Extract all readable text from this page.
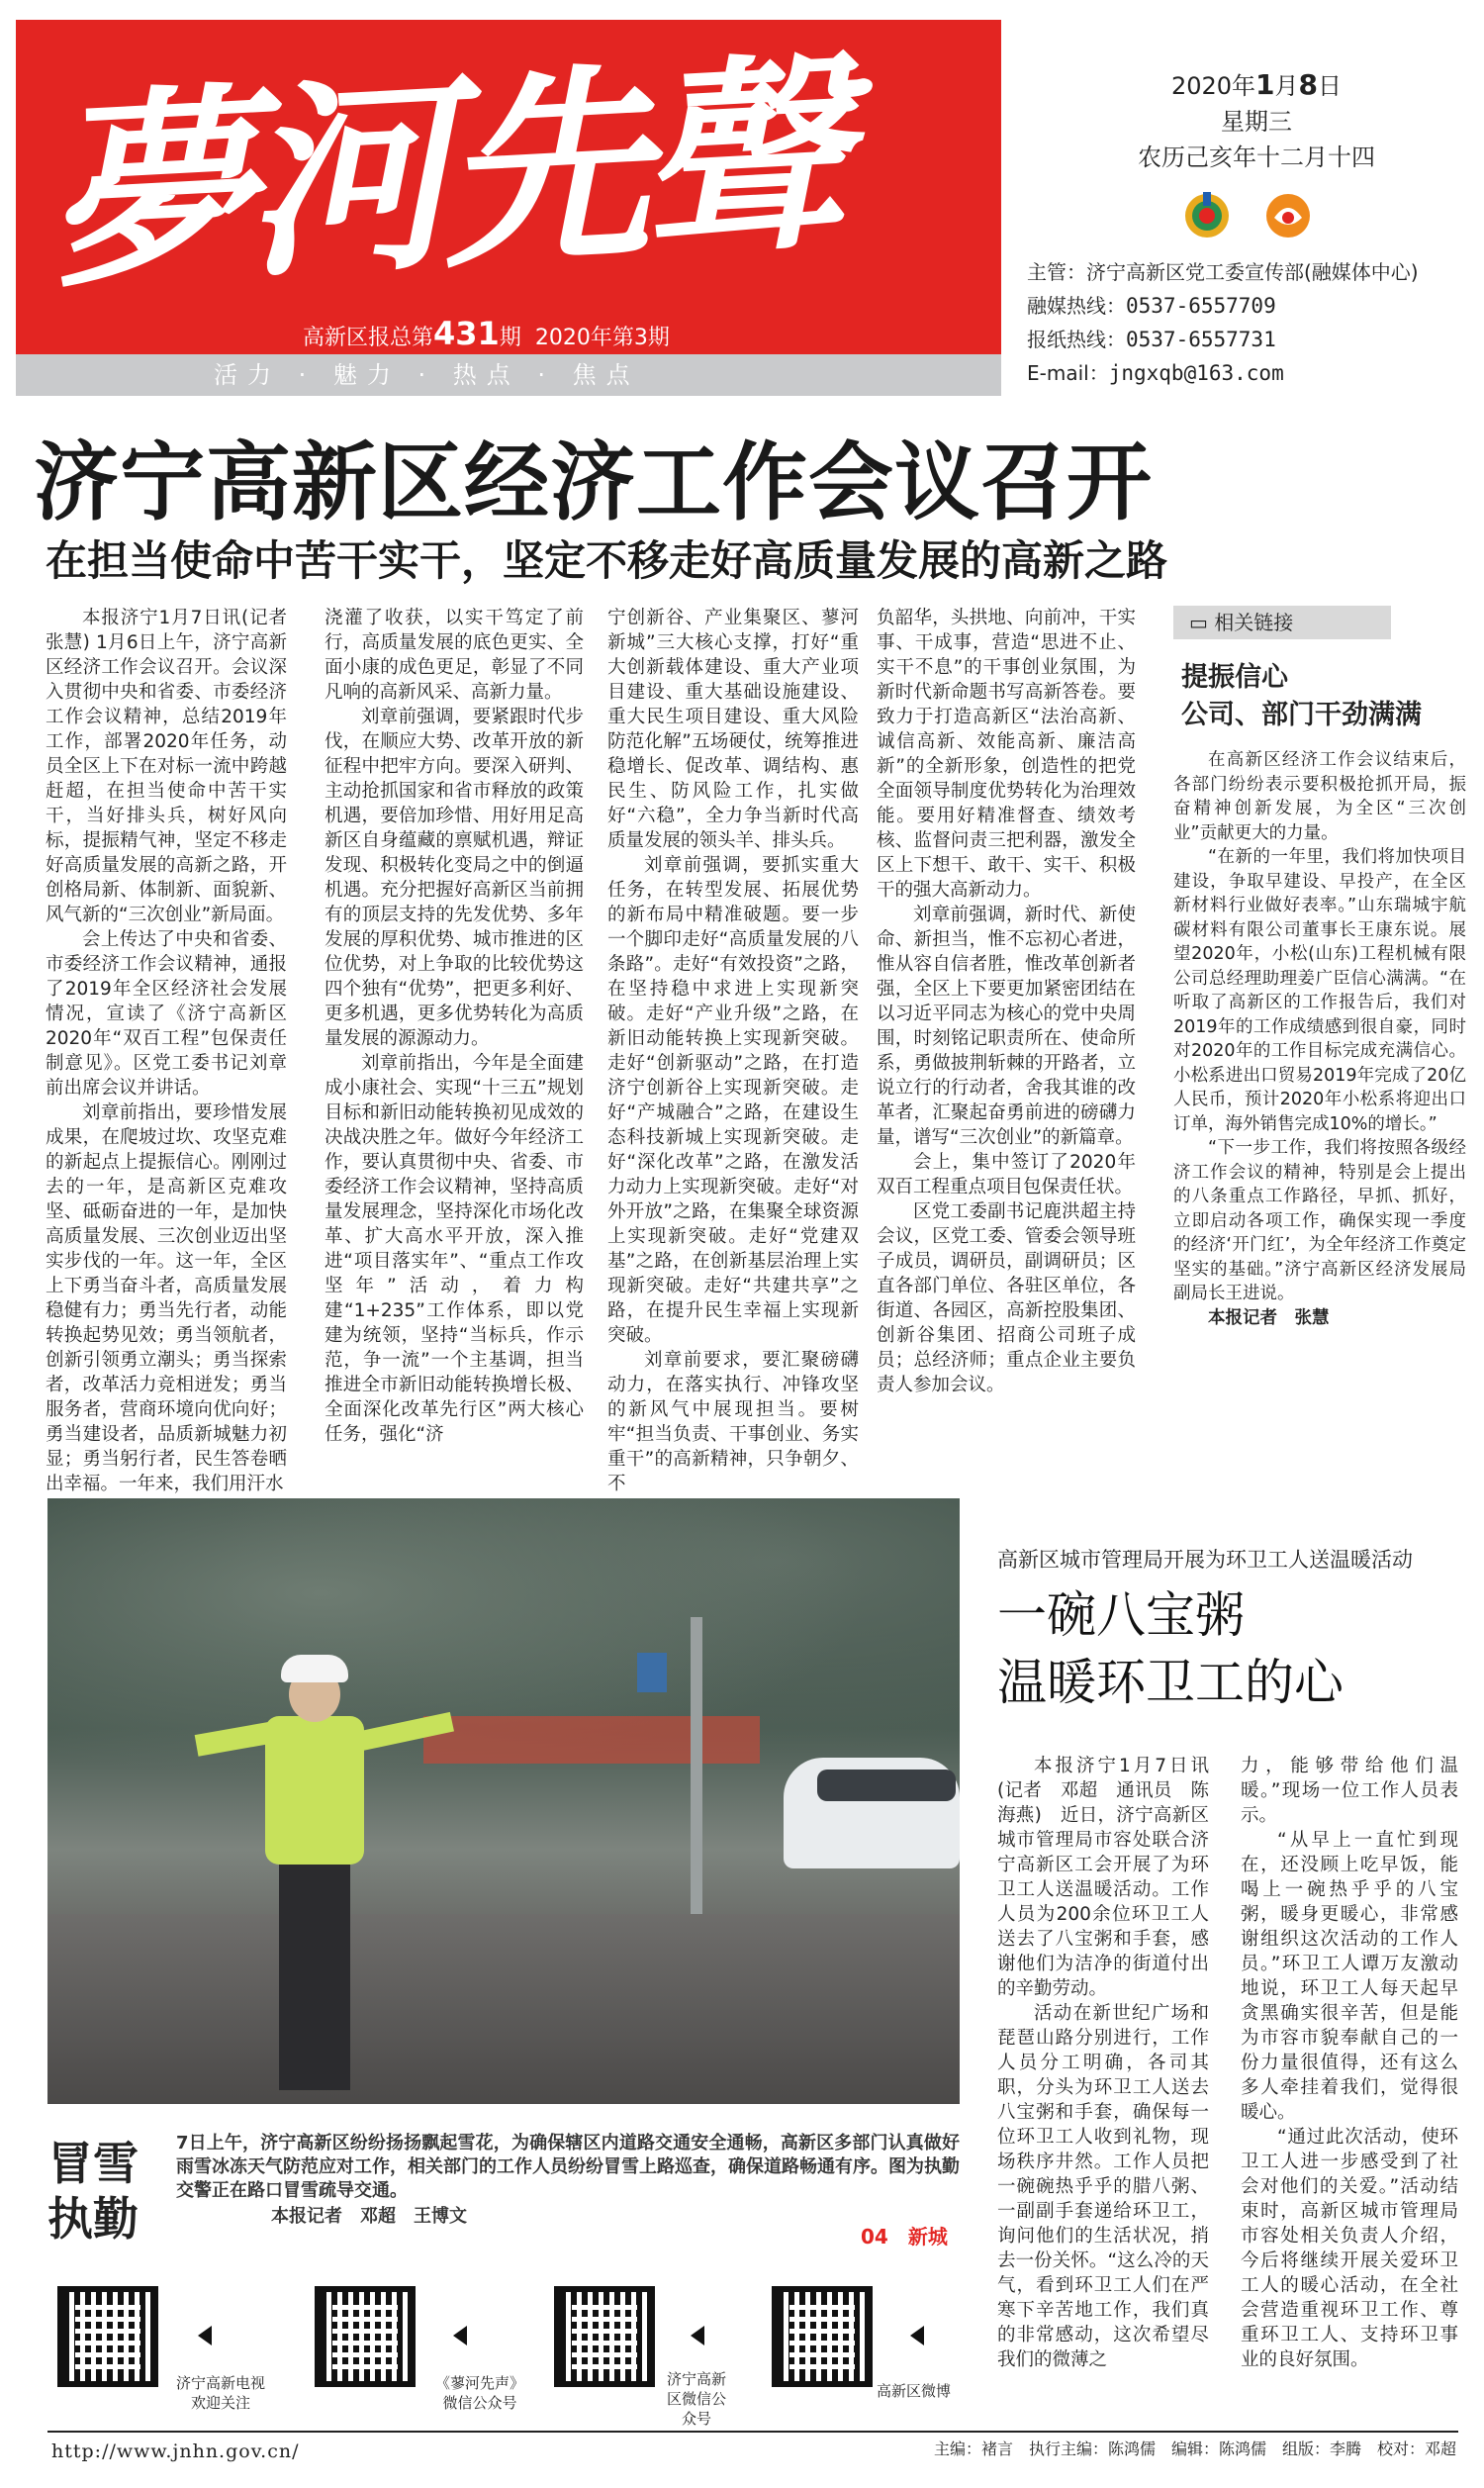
夢河先聲
高新区报总第431期 2020年第3期
活力 · 魅力 · 热点 · 焦点
2020年1月8日
星期三
农历己亥年十二月十四
主管：济宁高新区党工委宣传部(融媒体中心)
融媒热线：0537-6557709
报纸热线：0537-6557731
E-mail：jngxqb@163.com
济宁高新区经济工作会议召开
在担当使命中苦干实干，坚定不移走好高质量发展的高新之路

本报济宁1月7日讯(记者 张慧) 1月6日上午，济宁高新区经济工作会议召开。会议深入贯彻中央和省委、市委经济工作会议精神，总结2019年工作，部署2020年任务，动员全区上下在对标一流中跨越赶超，在担当使命中苦干实干，当好排头兵，树好风向标，提振精气神，坚定不移走好高质量发展的高新之路，开创格局新、体制新、面貌新、风气新的“三次创业”新局面。

会上传达了中央和省委、市委经济工作会议精神，通报了2019年全区经济社会发展情况，宣读了《济宁高新区2020年“双百工程”包保责任制意见》。区党工委书记刘章前出席会议并讲话。

刘章前指出，要珍惜发展成果，在爬坡过坎、攻坚克难的新起点上提振信心。刚刚过去的一年，是高新区克难攻坚、砥砺奋进的一年，是加快高质量发展、三次创业迈出坚实步伐的一年。这一年，全区上下勇当奋斗者，高质量发展稳健有力；勇当先行者，动能转换起势见效；勇当领航者，创新引领勇立潮头；勇当探索者，改革活力竞相迸发；勇当服务者，营商环境向优向好；勇当建设者，品质新城魅力初显；勇当躬行者，民生答卷晒出幸福。一年来，我们用汗水

浇灌了收获，以实干笃定了前行，高质量发展的底色更实、全面小康的成色更足，彰显了不同凡响的高新风采、高新力量。

刘章前强调，要紧跟时代步伐，在顺应大势、改革开放的新征程中把牢方向。要深入研判、主动抢抓国家和省市释放的政策机遇，要倍加珍惜、用好用足高新区自身蕴藏的禀赋机遇，辩证发现、积极转化变局之中的倒逼机遇。充分把握好高新区当前拥有的顶层支持的先发优势、多年发展的厚积优势、城市推进的区位优势，对上争取的比较优势这四个独有“优势”，把更多利好、更多机遇，更多优势转化为高质量发展的源源动力。

刘章前指出，今年是全面建成小康社会、实现“十三五”规划目标和新旧动能转换初见成效的决战决胜之年。做好今年经济工作，要认真贯彻中央、省委、市委经济工作会议精神，坚持高质量发展理念，坚持深化市场化改革、扩大高水平开放，深入推进“项目落实年”、“重点工作攻坚年”活动，着力构建“1+235”工作体系，即以党建为统领，坚持“当标兵，作示范，争一流”一个主基调，担当推进全市新旧动能转换增长极、全面深化改革先行区”两大核心任务，强化“济

宁创新谷、产业集聚区、蓼河新城”三大核心支撑，打好“重大创新载体建设、重大产业项目建设、重大基础设施建设、重大民生项目建设、重大风险防范化解”五场硬仗，统筹推进稳增长、促改革、调结构、惠民生、防风险工作，扎实做好“六稳”，全力争当新时代高质量发展的领头羊、排头兵。

刘章前强调，要抓实重大任务，在转型发展、拓展优势的新布局中精准破题。要一步一个脚印走好“高质量发展的八条路”。走好“有效投资”之路，在坚持稳中求进上实现新突破。走好“产业升级”之路，在新旧动能转换上实现新突破。走好“创新驱动”之路，在打造济宁创新谷上实现新突破。走好“产城融合”之路，在建设生态科技新城上实现新突破。走好“深化改革”之路，在激发活力动力上实现新突破。走好“对外开放”之路，在集聚全球资源上实现新突破。走好“党建双基”之路，在创新基层治理上实现新突破。走好“共建共享”之路，在提升民生幸福上实现新突破。

刘章前要求，要汇聚磅礴动力，在落实执行、冲锋攻坚的新风气中展现担当。要树牢“担当负责、干事创业、务实重干”的高新精神，只争朝夕、不

负韶华，头拱地、向前冲，干实事、干成事，营造“思进不止、实干不息”的干事创业氛围，为新时代新命题书写高新答卷。要致力于打造高新区“法治高新、诚信高新、效能高新、廉洁高新”的全新形象，创造性的把党全面领导制度优势转化为治理效能。要用好精准督查、绩效考核、监督问责三把利器，激发全区上下想干、敢干、实干、积极干的强大高新动力。

刘章前强调，新时代、新使命、新担当，惟不忘初心者进，惟从容自信者胜，惟改革创新者强，全区上下要更加紧密团结在以习近平同志为核心的党中央周围，时刻铭记职责所在、使命所系，勇做披荆斩棘的开路者，立说立行的行动者，舍我其谁的改革者，汇聚起奋勇前进的磅礴力量，谱写“三次创业”的新篇章。

会上，集中签订了2020年双百工程重点项目包保责任状。

区党工委副书记鹿洪超主持会议，区党工委、管委会领导班子成员，调研员，副调研员；区直各部门单位、各驻区单位，各街道、各园区，高新控股集团、创新谷集团、招商公司班子成员；总经济师；重点企业主要负责人参加会议。

▭ 相关链接
提振信心
公司、部门干劲满满

在高新区经济工作会议结束后，各部门纷纷表示要积极抢抓开局，振奋精神创新发展，为全区“三次创业”贡献更大的力量。

“在新的一年里，我们将加快项目建设，争取早建设、早投产，在全区新材料行业做好表率。”山东瑞城宇航碳材料有限公司董事长王康东说。展望2020年，小松(山东)工程机械有限公司总经理助理姜广臣信心满满。“在听取了高新区的工作报告后，我们对2019年的工作成绩感到很自豪，同时对2020年的工作目标完成充满信心。小松系进出口贸易2019年完成了20亿人民币，预计2020年小松系将迎出口订单，海外销售完成10%的增长。”

“下一步工作，我们将按照各级经济工作会议的精神，特别是会上提出的八条重点工作路径，早抓、抓好，立即启动各项工作，确保实现一季度的经济‘开门红’，为全年经济工作奠定坚实的基础。”济宁高新区经济发展局副局长王进说。

本报记者　张慧

冒雪执勤
7日上午，济宁高新区纷纷扬扬飘起雪花，为确保辖区内道路交通安全通畅，高新区多部门认真做好雨雪冰冻天气防范应对工作，相关部门的工作人员纷纷冒雪上路巡查，确保道路畅通有序。图为执勤交警正在路口冒雪疏导交通。
本报记者　邓超　王博文
04　新城
高新区城市管理局开展为环卫工人送温暖活动
一碗八宝粥
温暖环卫工的心

本报济宁1月7日讯(记者　邓超　通讯员　陈海燕)　近日，济宁高新区城市管理局市容处联合济宁高新区工会开展了为环卫工人送温暖活动。工作人员为200余位环卫工人送去了八宝粥和手套，感谢他们为洁净的街道付出的辛勤劳动。

活动在新世纪广场和琵琶山路分别进行，工作人员分工明确，各司其职，分头为环卫工人送去八宝粥和手套，确保每一位环卫工人收到礼物，现场秩序井然。工作人员把一碗碗热乎乎的腊八粥、一副副手套递给环卫工，询问他们的生活状况，捎去一份关怀。“这么冷的天气，看到环卫工人们在严寒下辛苦地工作，我们真的非常感动，这次希望尽我们的微薄之

力，能够带给他们温暖。”现场一位工作人员表示。

“从早上一直忙到现在，还没顾上吃早饭，能喝上一碗热乎乎的八宝粥，暖身更暖心，非常感谢组织这次活动的工作人员。”环卫工人谭万友激动地说，环卫工人每天起早贪黑确实很辛苦，但是能为市容市貌奉献自己的一份力量很值得，还有这么多人牵挂着我们，觉得很暖心。

“通过此次活动，使环卫工人进一步感受到了社会对他们的关爱。”活动结束时，高新区城市管理局市容处相关负责人介绍，今后将继续开展关爱环卫工人的暖心活动，在全社会营造重视环卫工作、尊重环卫工人、支持环卫事业的良好氛围。

济宁高新电视
欢迎关注
《蓼河先声》
微信公众号
济宁高新
区微信公
众号
高新区微博
http://www.jnhn.gov.cn/	主编：褚言　执行主编：陈鸿儒　编辑：陈鸿儒　组版：李腾　校对：邓超
